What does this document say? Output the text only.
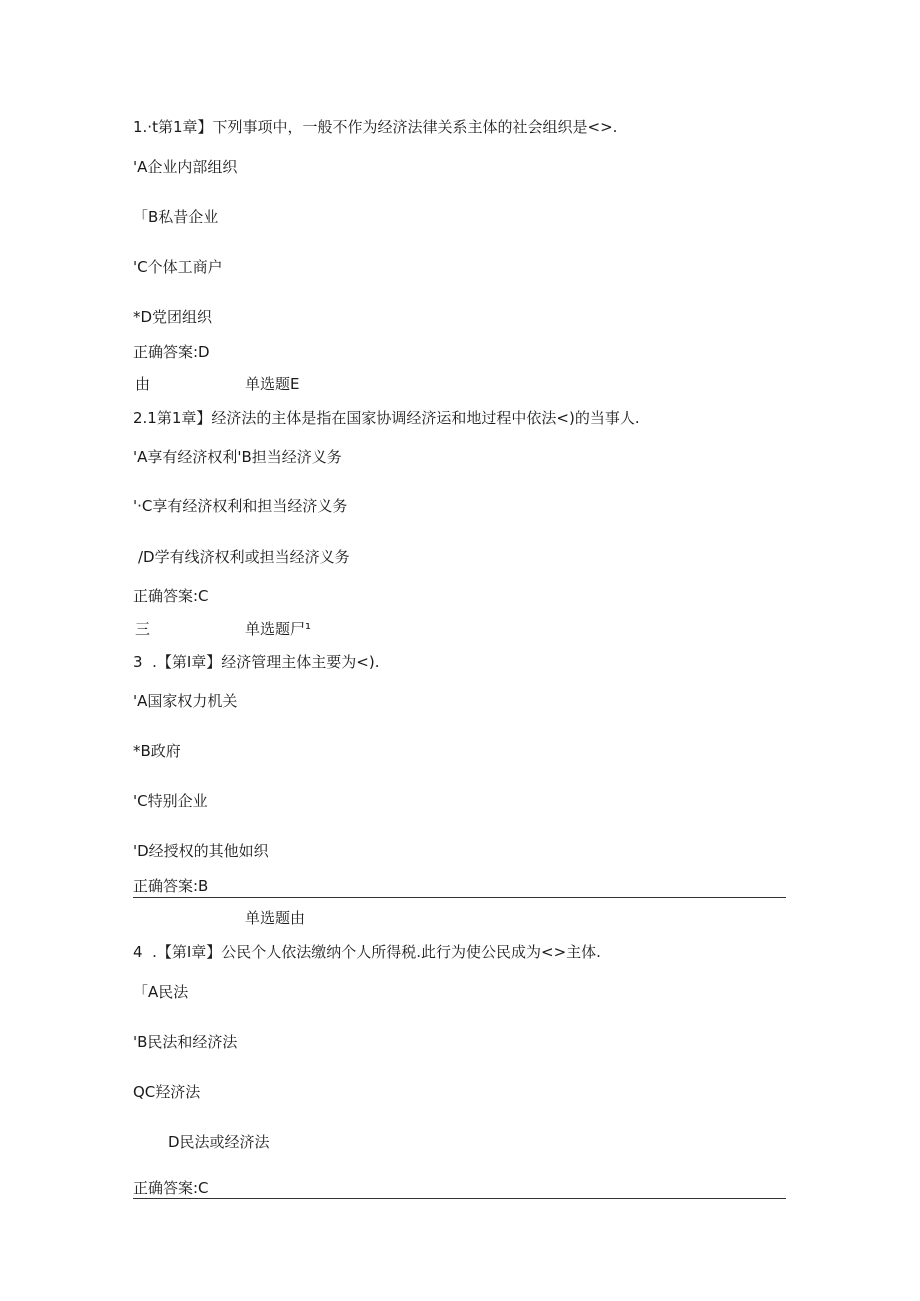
1.·t第1章】下列事项中，一般不作为经济法律关系主体的社会组织是<>.
'A企业内部组织
「B私昔企业
'C个体工商户
*D党团组织
正确答案:D
由	单选题E
2.1第1章】经济法的主体是指在国家协调经济运和地过程中依法<)的当事人.
'A享有经济权利'B担当经济义务
'·C享有经济权利和担当经济义务
/D学有线济权利或担当经济义务
正确答案:C
三	单选题尸¹
3  .【第I章】经济管理主体主要为<).
'A国家权力机关
*B政府
'C特别企业
'D经授权的其他如织
正确答案:B
单选题由
4  .【第I章】公民个人依法缴纳个人所得税.此行为使公民成为<>主体.
「A民法
'B民法和经济法
QC羟济法
D民法或经济法
正确答案:C
